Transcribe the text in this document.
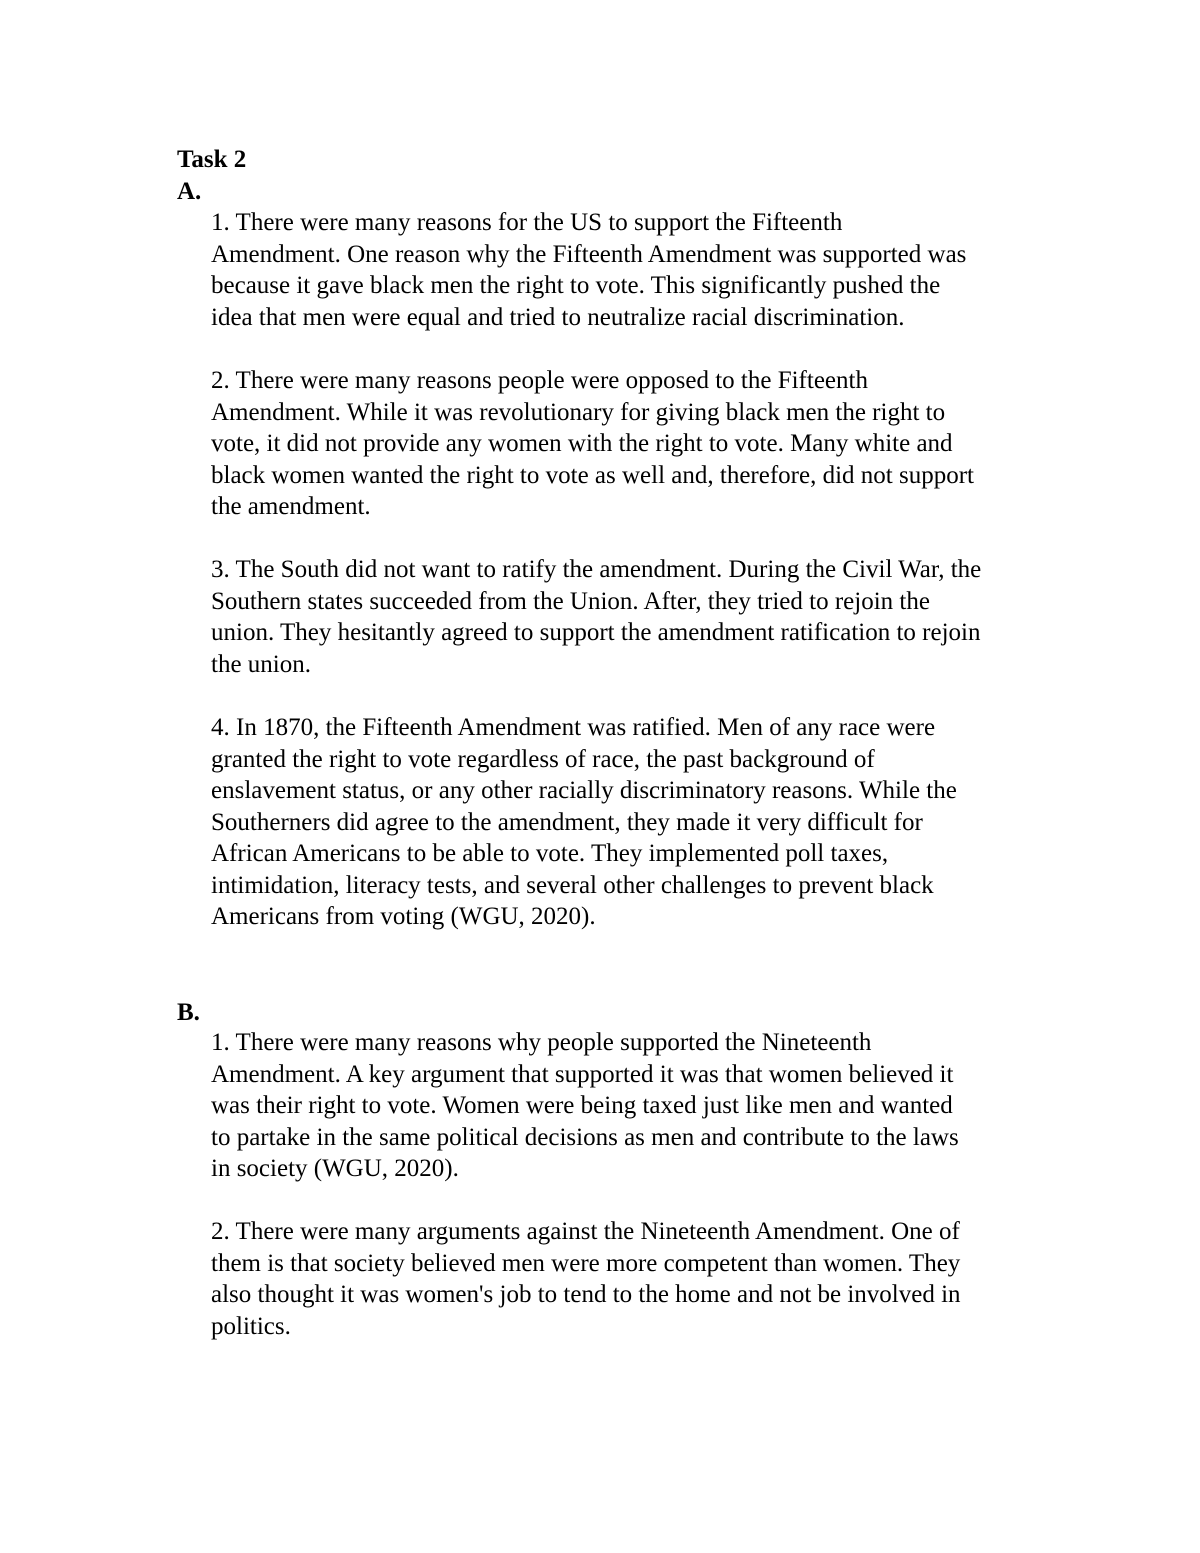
Task 2
A.

1. There were many reasons for the US to support the Fifteenth
Amendment. One reason why the Fifteenth Amendment was supported was
because it gave black men the right to vote. This significantly pushed the
idea that men were equal and tried to neutralize racial discrimination.

2. There were many reasons people were opposed to the Fifteenth
Amendment. While it was revolutionary for giving black men the right to
vote, it did not provide any women with the right to vote. Many white and
black women wanted the right to vote as well and, therefore, did not support
the amendment.

3. The South did not want to ratify the amendment. During the Civil War, the
Southern states succeeded from the Union. After, they tried to rejoin the
union. They hesitantly agreed to support the amendment ratification to rejoin
the union.

4. In 1870, the Fifteenth Amendment was ratified. Men of any race were
granted the right to vote regardless of race, the past background of
enslavement status, or any other racially discriminatory reasons. While the
Southerners did agree to the amendment, they made it very difficult for
African Americans to be able to vote. They implemented poll taxes,
intimidation, literacy tests, and several other challenges to prevent black
Americans from voting (WGU, 2020).

B.

1. There were many reasons why people supported the Nineteenth
Amendment. A key argument that supported it was that women believed it
was their right to vote. Women were being taxed just like men and wanted
to partake in the same political decisions as men and contribute to the laws
in society (WGU, 2020).

2. There were many arguments against the Nineteenth Amendment. One of
them is that society believed men were more competent than women. They
also thought it was women's job to tend to the home and not be involved in
politics.
